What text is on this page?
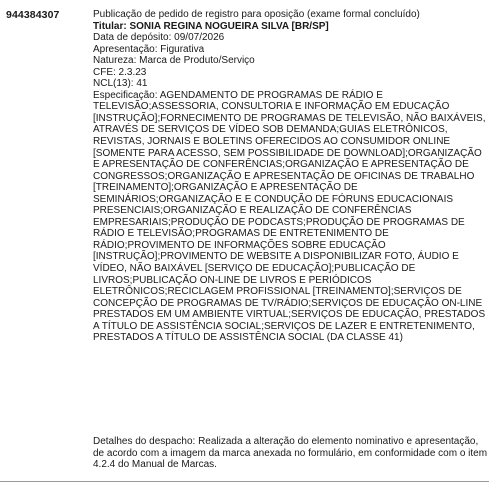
944384307	Publicação de pedido de registro para oposição (exame formal concluído)
Titular: SONIA REGINA NOGUEIRA SILVA [BR/SP]
Data de depósito: 09/07/2026
Apresentação: Figurativa
Natureza: Marca de Produto/Serviço
CFE: 2.3.23
NCL(13): 41
Especificação: AGENDAMENTO DE PROGRAMAS DE RÁDIO E
TELEVISÃO;ASSESSORIA, CONSULTORIA E INFORMAÇÃO EM EDUCAÇÃO
[INSTRUÇÃO];FORNECIMENTO DE PROGRAMAS DE TELEVISÃO, NÃO BAIXÁVEIS,
ATRAVÉS DE SERVIÇOS DE VÍDEO SOB DEMANDA;GUIAS ELETRÔNICOS,
REVISTAS, JORNAIS E BOLETINS OFERECIDOS AO CONSUMIDOR ONLINE
[SOMENTE PARA ACESSO, SEM POSSIBILIDADE DE DOWNLOAD];ORGANIZAÇÃO
E APRESENTAÇÃO DE CONFERÊNCIAS;ORGANIZAÇÃO E APRESENTAÇÃO DE
CONGRESSOS;ORGANIZAÇÃO E APRESENTAÇÃO DE OFICINAS DE TRABALHO
[TREINAMENTO];ORGANIZAÇÃO E APRESENTAÇÃO DE
SEMINÁRIOS;ORGANIZAÇÃO E E CONDUÇÃO DE FÓRUNS EDUCACIONAIS
PRESENCIAIS;ORGANIZAÇÃO E REALIZAÇÃO DE CONFERÊNCIAS
EMPRESARIAIS;PRODUÇÃO DE PODCASTS;PRODUÇÃO DE PROGRAMAS DE
RÁDIO E TELEVISÃO;PROGRAMAS DE ENTRETENIMENTO DE
RÁDIO;PROVIMENTO DE INFORMAÇÕES SOBRE EDUCAÇÃO
[INSTRUÇÃO];PROVIMENTO DE WEBSITE A DISPONIBILIZAR FOTO, ÁUDIO E
VÍDEO, NÃO BAIXÁVEL [SERVIÇO DE EDUCAÇÃO];PUBLICAÇÃO DE
LIVROS;PUBLICAÇÃO ON-LINE DE LIVROS E PERIÓDICOS
ELETRÔNICOS;RECICLAGEM PROFISSIONAL [TREINAMENTO];SERVIÇOS DE
CONCEPÇÃO DE PROGRAMAS DE TV/RÁDIO;SERVIÇOS DE EDUCAÇÃO ON-LINE
PRESTADOS EM UM AMBIENTE VIRTUAL;SERVIÇOS DE EDUCAÇÃO, PRESTADOS
A TÍTULO DE ASSISTÊNCIA SOCIAL;SERVIÇOS DE LAZER E ENTRETENIMENTO,
PRESTADOS A TÍTULO DE ASSISTÊNCIA SOCIAL (DA CLASSE 41)
Detalhes do despacho: Realizada a alteração do elemento nominativo e apresentação,
de acordo com a imagem da marca anexada no formulário, em conformidade com o item
4.2.4 do Manual de Marcas.
